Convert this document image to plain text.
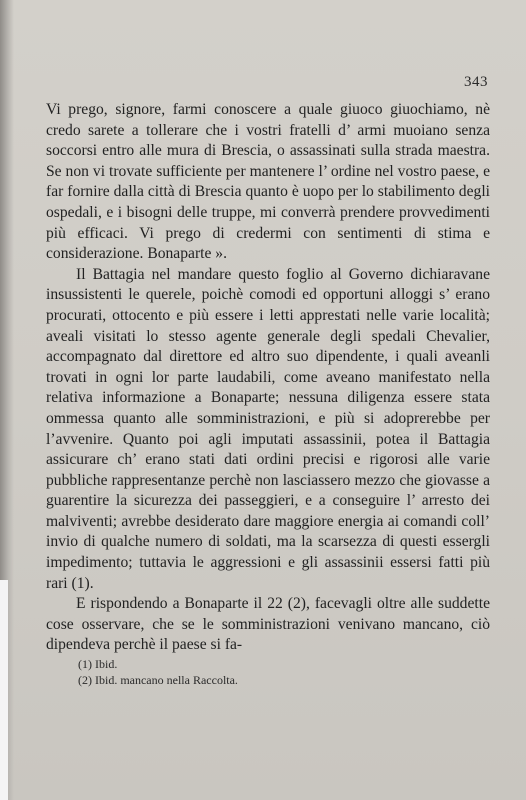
343

Vi prego, signore, farmi conoscere a quale giuoco giuochiamo, nè credo sarete a tollerare che i vostri fratelli d’ armi muoiano senza soccorsi entro alle mura di Brescia, o assassinati sulla strada maestra. Se non vi trovate sufficiente per mantenere l’ ordine nel vostro paese, e far fornire dalla città di Brescia quanto è uopo per lo stabilimento degli ospedali, e i bisogni delle truppe, mi converrà prendere provvedimenti più efficaci. Vi prego di credermi con sentimenti di stima e considerazione. Bonaparte ».

Il Battagia nel mandare questo foglio al Governo dichiaravane insussistenti le querele, poichè comodi ed opportuni alloggi s’ erano procurati, ottocento e più essere i letti apprestati nelle varie località; aveali visitati lo stesso agente generale degli spedali Chevalier, accompagnato dal direttore ed altro suo dipendente, i quali aveanli trovati in ogni lor parte laudabili, come aveano manifestato nella relativa informazione a Bonaparte; nessuna diligenza essere stata ommessa quanto alle somministrazioni, e più si adoprerebbe per l’avvenire. Quanto poi agli imputati assassinii, potea il Battagia assicurare ch’ erano stati dati ordini precisi e rigorosi alle varie pubbliche rappresentanze perchè non lasciassero mezzo che giovasse a guarentire la sicurezza dei passeggieri, e a conseguire l’ arresto dei malviventi; avrebbe desiderato dare maggiore energia ai comandi coll’ invio di qualche numero di soldati, ma la scarsezza di questi essergli impedimento; tuttavia le aggressioni e gli assassinii essersi fatti più rari (1).

E rispondendo a Bonaparte il 22 (2), facevagli oltre alle suddette cose osservare, che se le somministrazioni venivano mancano, ciò dipendeva perchè il paese si fa-

(1) Ibid.

(2) Ibid. mancano nella Raccolta.
